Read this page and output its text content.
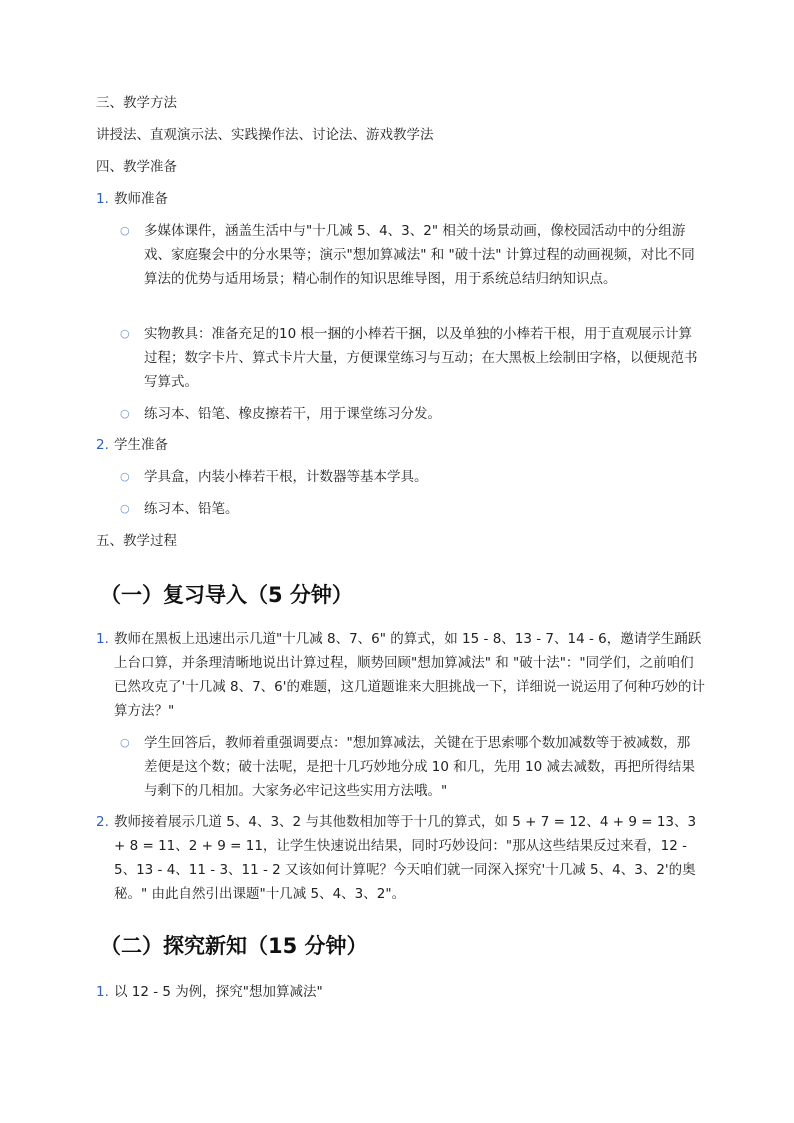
三、教学方法
讲授法、直观演示法、实践操作法、讨论法、游戏教学法
四、教学准备
1. 教师准备
○ 多媒体课件，涵盖生活中与"十几减 5、4、3、2" 相关的场景动画，像校园活动中的分组游戏、家庭聚会中的分水果等；演示"想加算减法" 和 "破十法" 计算过程的动画视频，对比不同算法的优势与适用场景；精心制作的知识思维导图，用于系统总结归纳知识点。
○ 实物教具：准备充足的10 根一捆的小棒若干捆，以及单独的小棒若干根，用于直观展示计算过程；数字卡片、算式卡片大量，方便课堂练习与互动；在大黑板上绘制田字格，以便规范书写算式。
○ 练习本、铅笔、橡皮擦若干，用于课堂练习分发。
2. 学生准备
○ 学具盒，内装小棒若干根，计数器等基本学具。
○ 练习本、铅笔。
五、教学过程
（一）复习导入（5 分钟）
1. 教师在黑板上迅速出示几道"十几减 8、7、6" 的算式，如 15 - 8、13 - 7、14 - 6，邀请学生踊跃上台口算，并条理清晰地说出计算过程，顺势回顾"想加算减法" 和 "破十法"："同学们，之前咱们已然攻克了'十几减 8、7、6'的难题，这几道题谁来大胆挑战一下，详细说一说运用了何种巧妙的计算方法？"
○ 学生回答后，教师着重强调要点："想加算减法，关键在于思索哪个数加减数等于被减数，那差便是这个数；破十法呢，是把十几巧妙地分成 10 和几，先用 10 减去减数，再把所得结果与剩下的几相加。大家务必牢记这些实用方法哦。"
2. 教师接着展示几道 5、4、3、2 与其他数相加等于十几的算式，如 5 + 7 = 12、4 + 9 = 13、3 + 8 = 11、2 + 9 = 11，让学生快速说出结果，同时巧妙设问："那从这些结果反过来看，12 - 5、13 - 4、11 - 3、11 - 2 又该如何计算呢？今天咱们就一同深入探究'十几减 5、4、3、2'的奥秘。" 由此自然引出课题"十几减 5、4、3、2"。
（二）探究新知（15 分钟）
1. 以 12 - 5 为例，探究"想加算减法"
